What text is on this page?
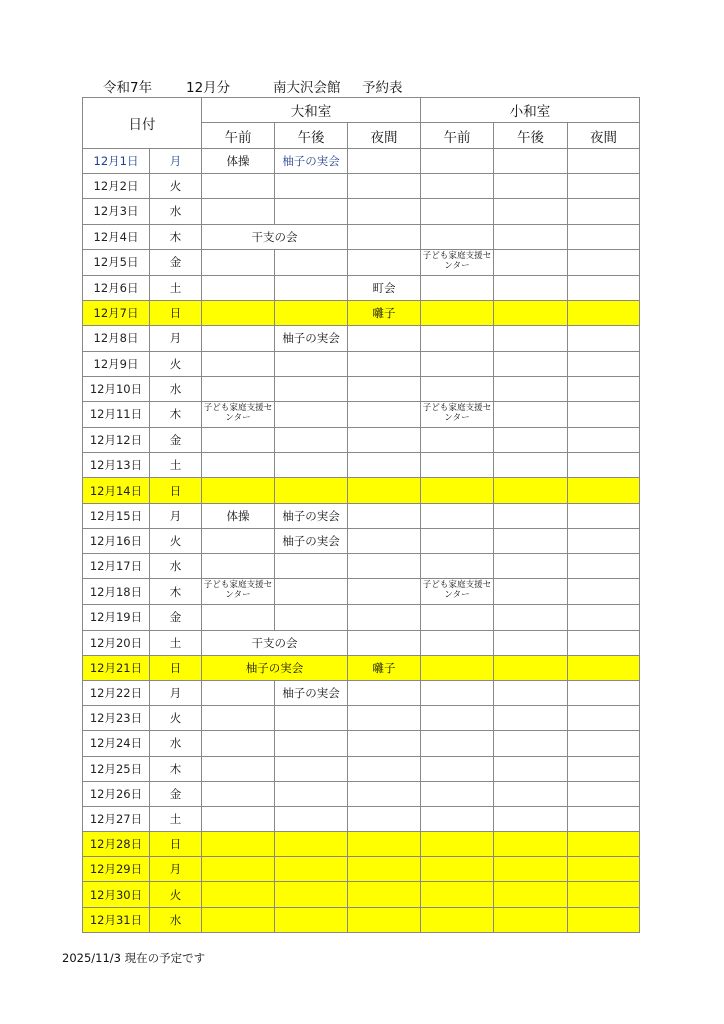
令和7年	12月分	南大沢会館 予約表
日付		大和室			小和室		
		午前	午後	夜間	午前	午後	夜間
12月1日	月	体操	柚子の実会				
12月2日	火						
12月3日	水						
12月4日	木	干支の会					
12月5日	金				子ども家庭支援センター		
12月6日	土			町会			
12月7日	日			囃子			
12月8日	月		柚子の実会				
12月9日	火						
12月10日	水						
12月11日	木	子ども家庭支援センター			子ども家庭支援センター		
12月12日	金						
12月13日	土						
12月14日	日						
12月15日	月	体操	柚子の実会				
12月16日	火		柚子の実会				
12月17日	水						
12月18日	木	子ども家庭支援センター			子ども家庭支援センター		
12月19日	金						
12月20日	土	干支の会					
12月21日	日	柚子の実会		囃子			
12月22日	月		柚子の実会				
12月23日	火						
12月24日	水						
12月25日	木						
12月26日	金						
12月27日	土						
12月28日	日						
12月29日	月						
12月30日	火						
12月31日	水						
2025/11/3 現在の予定です
